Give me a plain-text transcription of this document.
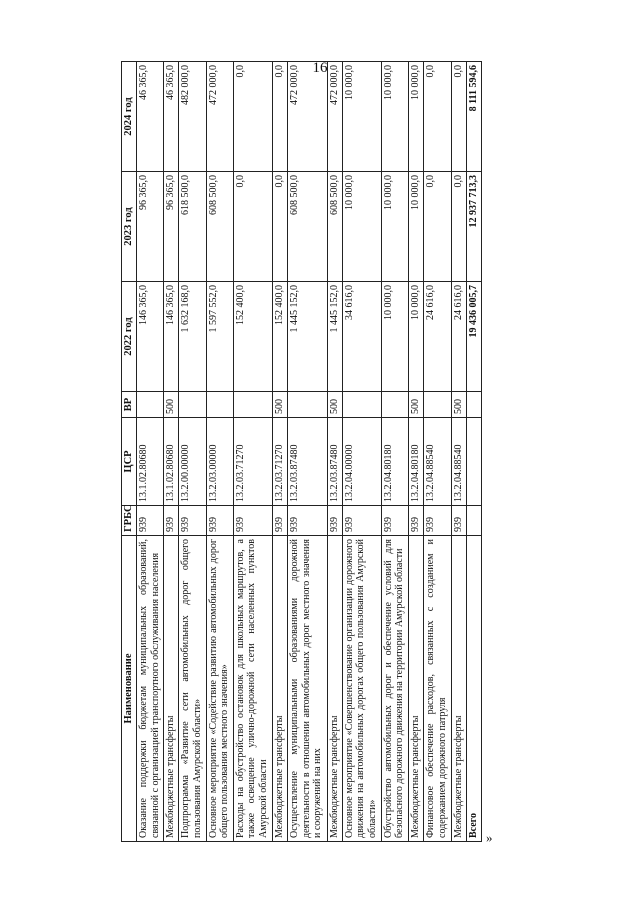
16
Наименование	ГРБС	ЦСР	ВР	2022 год	2023 год	2024 год
Оказание поддержки бюджетам муниципальных образований, связанной с организацией транспортного обслуживания населения	939	13.1.02.80680		146 365,0	96 365,0	46 365,0
Межбюджетные трансферты	939	13.1.02.80680	500	146 365,0	96 365,0	46 365,0
Подпрограмма «Развитие сети автомобильных дорог общего пользования Амурской области»	939	13.2.00.00000		1 632 168,0	618 500,0	482 000,0
Основное мероприятие «Содействие развитию автомобильных дорог общего пользования местного значения»	939	13.2.03.00000		1 597 552,0	608 500,0	472 000,0
Расходы на обустройство остановок для школьных маршрутов, а также освещение улично-дорожной сети населенных пунктов Амурской области	939	13.2.03.71270		152 400,0	0,0	0,0
Межбюджетные трансферты	939	13.2.03.71270	500	152 400,0	0,0	0,0
Осуществление муниципальными образованиями дорожной деятельности в отношении автомобильных дорог местного значения и сооружений на них	939	13.2.03.87480		1 445 152,0	608 500,0	472 000,0
Межбюджетные трансферты	939	13.2.03.87480	500	1 445 152,0	608 500,0	472 000,0
Основное мероприятие «Совершенствование организации дорожного движения на автомобильных дорогах общего пользования Амурской области»	939	13.2.04.00000		34 616,0	10 000,0	10 000,0
Обустройство автомобильных дорог и обеспечение условий для безопасного дорожного движения на территории Амурской области	939	13.2.04.80180		10 000,0	10 000,0	10 000,0
Межбюджетные трансферты	939	13.2.04.80180	500	10 000,0	10 000,0	10 000,0
Финансовое обеспечение расходов, связанных с созданием и содержанием дорожного патруля	939	13.2.04.88540		24 616,0	0,0	0,0
Межбюджетные трансферты	939	13.2.04.88540	500	24 616,0	0,0	0,0
Всего				19 436 005,7	12 937 713,3	8 111 594,6
»
